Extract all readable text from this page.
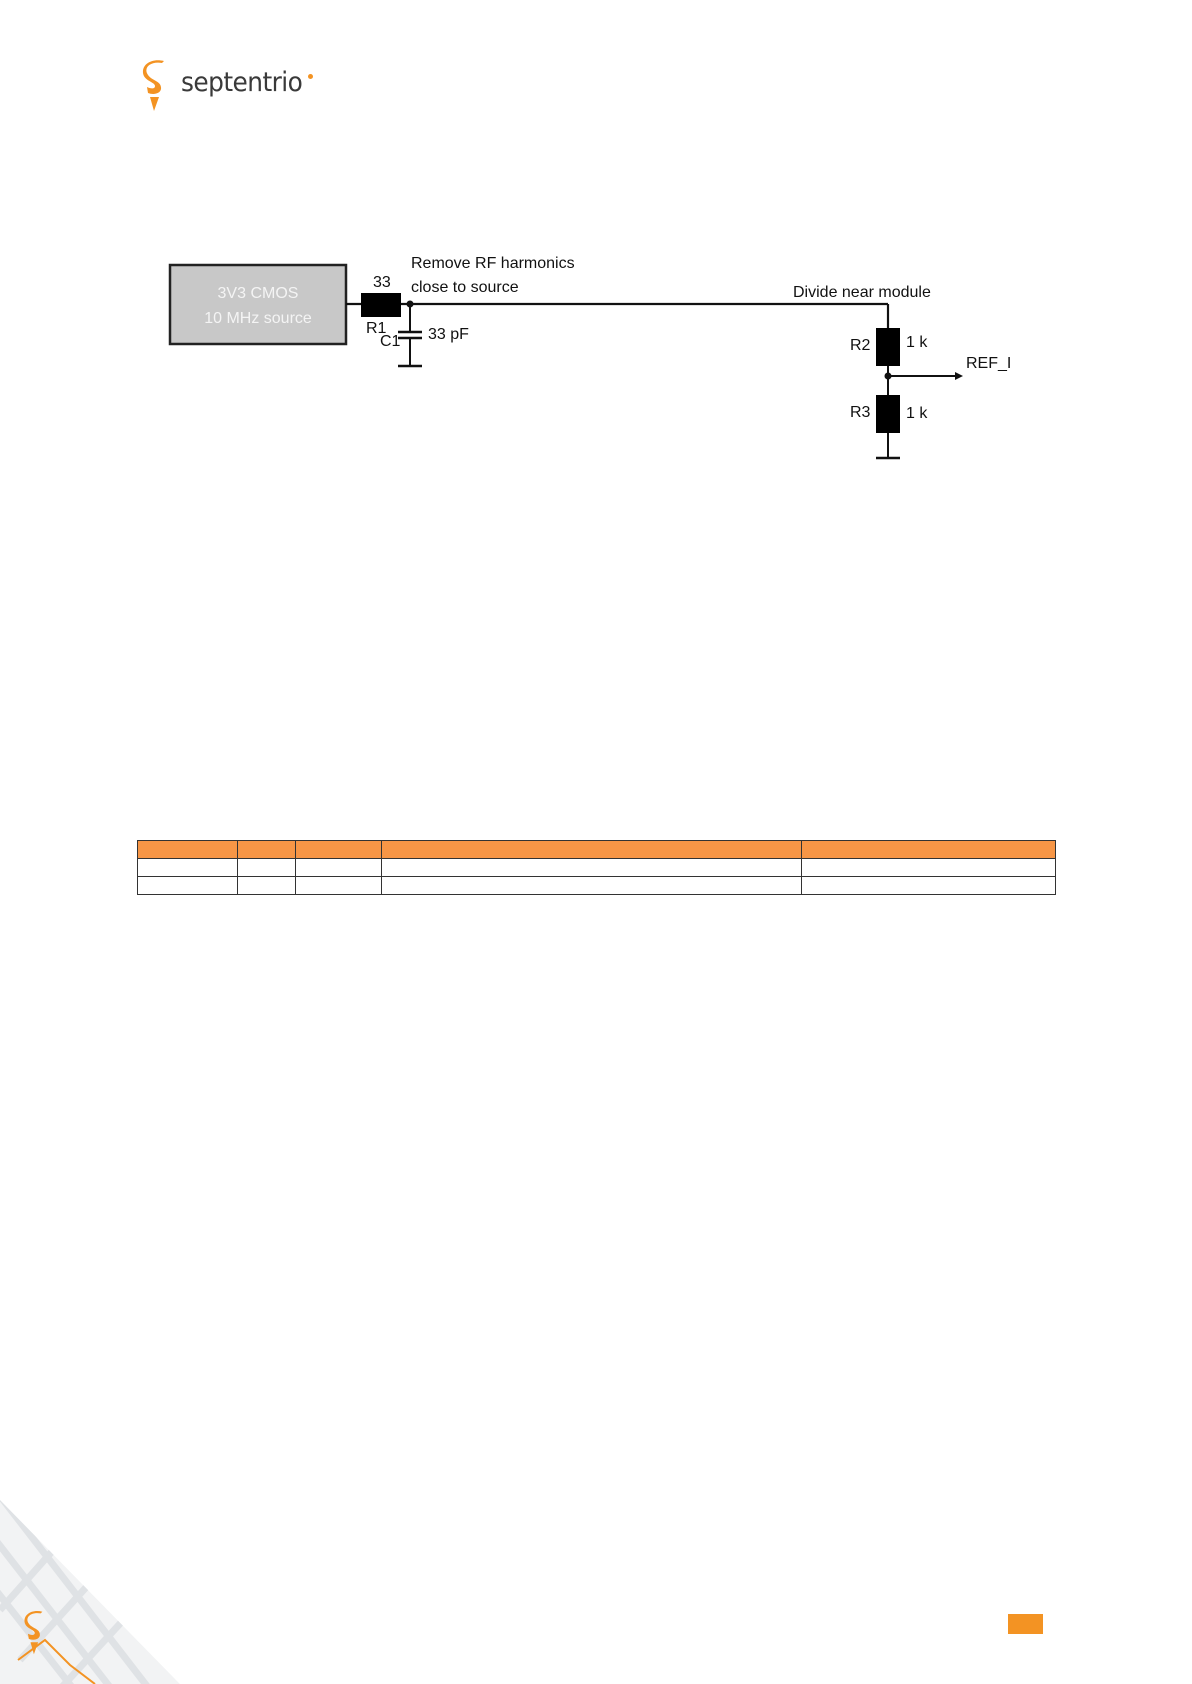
septentrio
3V3 CMOS
10 MHz source
33
R1
C1 33 pF
Remove RF harmonics
close to source	Divide near module
R2 1 k
REF_I
R3 1 k
